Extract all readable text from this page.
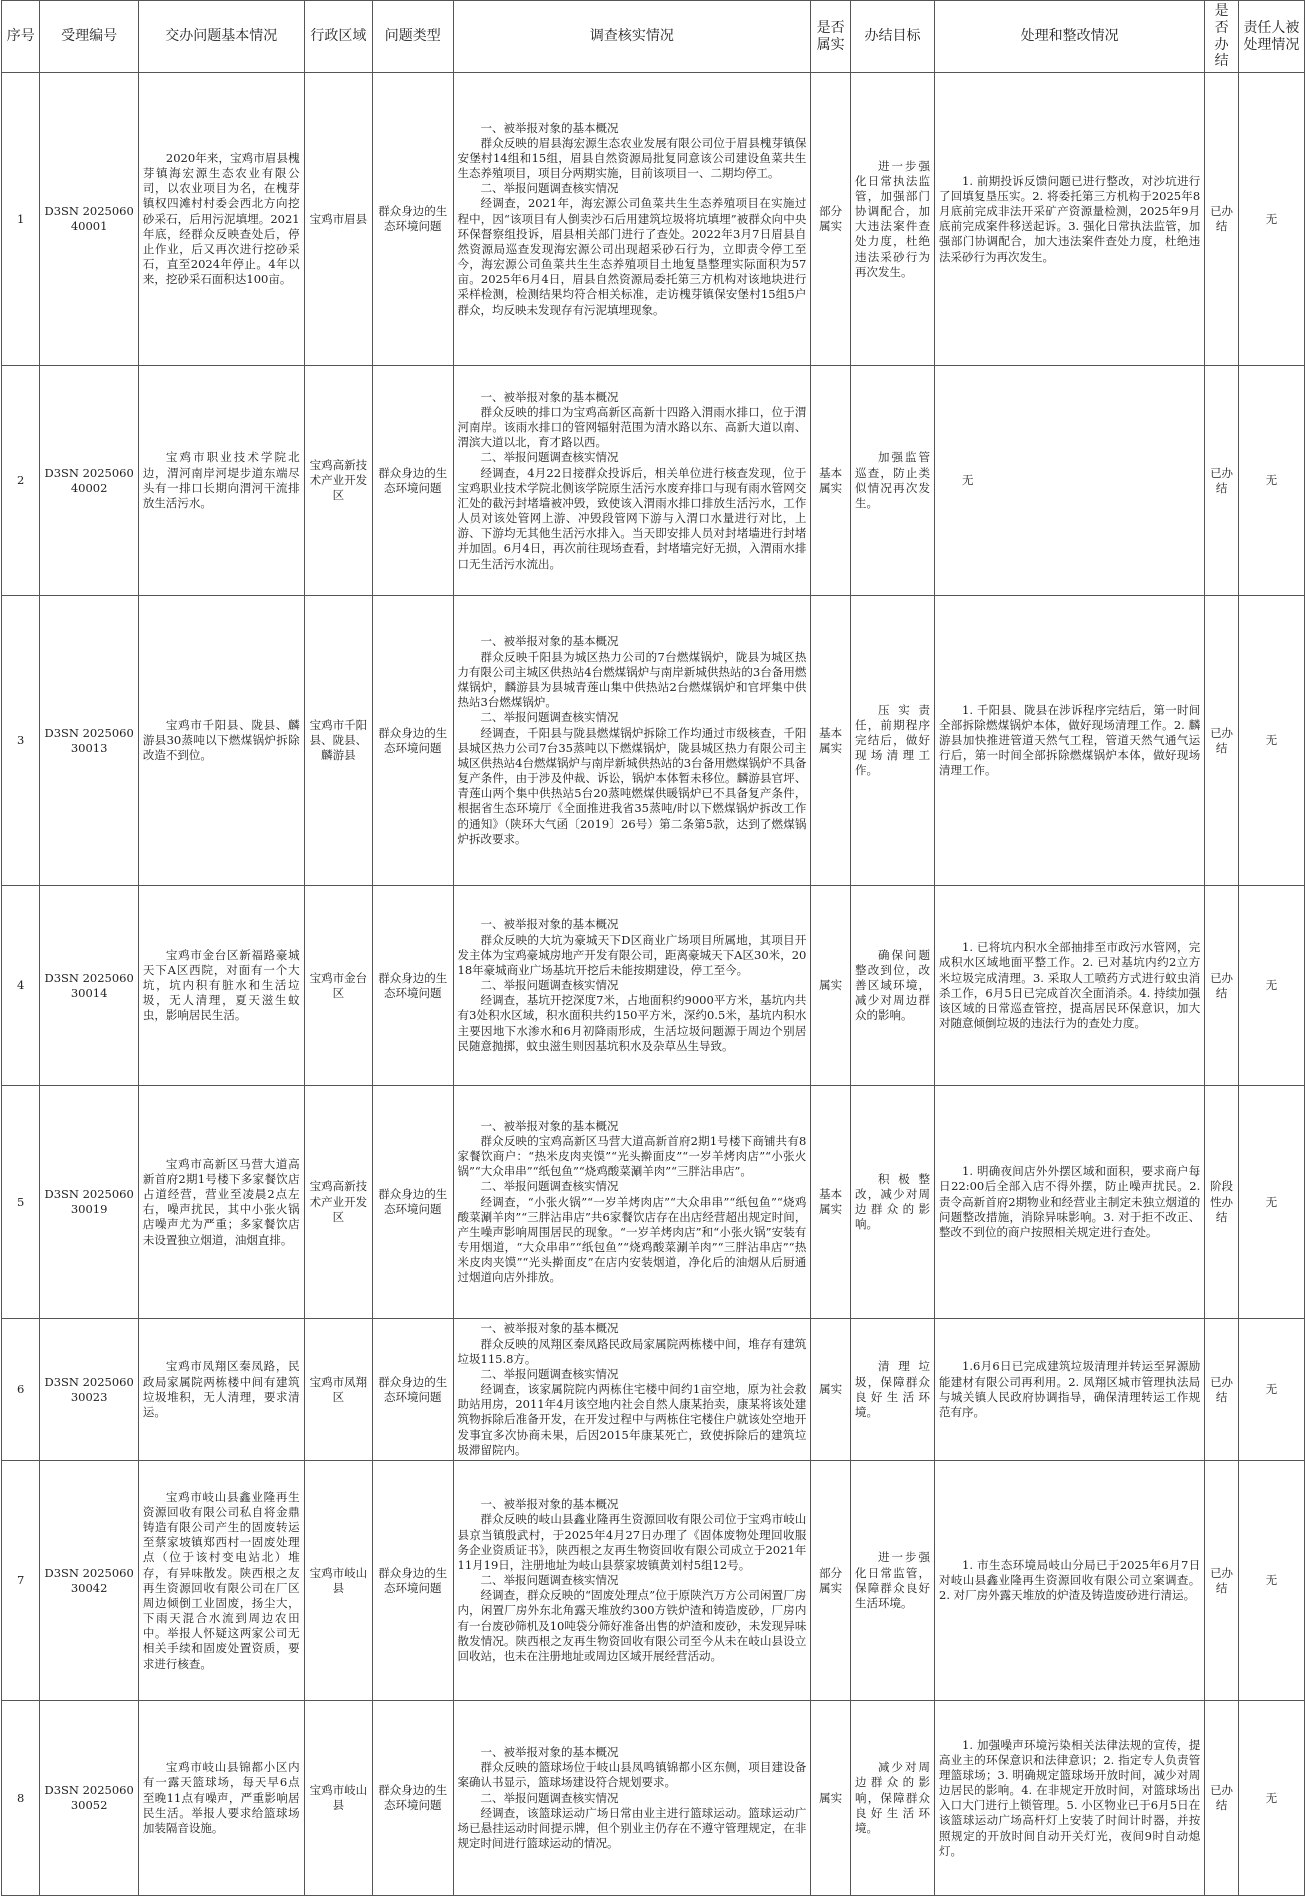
序号	受理编号	交办问题基本情况	行政区域	问题类型	调查核实情况	是否属实	办结目标	处理和整改情况	是否办结	责任人被处理情况
1	D3SN 202506040001	2020年来，宝鸡市眉县槐芽镇海宏源生态农业有限公司，以农业项目为名，在槐芽镇权四滩村村委会西北方向挖砂采石，后用污泥填埋。2021年底，经群众反映查处后，停止作业，后又再次进行挖砂采石，直至2024年停止。4年以来，挖砂采石面积达100亩。	宝鸡市眉县	群众身边的生态环境问题	一、被举报对象的基本概况

群众反映的眉县海宏源生态农业发展有限公司位于眉县槐芽镇保安堡村14组和15组，眉县自然资源局批复同意该公司建设鱼菜共生生态养殖项目，项目分两期实施，目前该项目一、二期均停工。

二、举报问题调查核实情况

经调查，2021年，海宏源公司鱼菜共生生态养殖项目在实施过程中，因“该项目有人倒卖沙石后用建筑垃圾将坑填埋”被群众向中央环保督察组投诉，眉县相关部门进行了查处。2022年3月7日眉县自然资源局巡查发现海宏源公司出现超采砂石行为，立即责令停工至今，海宏源公司鱼菜共生生态养殖项目土地复垦整理实际面积为57亩。2025年6月4日，眉县自然资源局委托第三方机构对该地块进行采样检测，检测结果均符合相关标准，走访槐芽镇保安堡村15组5户群众，均反映未发现存有污泥填埋现象。	部分属实	进一步强化日常执法监管，加强部门协调配合，加大违法案件查处力度，杜绝违法采砂行为再次发生。	1. 前期投诉反馈问题已进行整改，对沙坑进行了回填复垦压实。2. 将委托第三方机构于2025年8月底前完成非法开采矿产资源量检测，2025年9月底前完成案件移送起诉。3. 强化日常执法监管，加强部门协调配合，加大违法案件查处力度，杜绝违法采砂行为再次发生。	已办结	无
2	D3SN 202506040002	宝鸡市职业技术学院北边，渭河南岸河堤步道东端尽头有一排口长期向渭河干流排放生活污水。	宝鸡高新技术产业开发区	群众身边的生态环境问题	一、被举报对象的基本概况

群众反映的排口为宝鸡高新区高新十四路入渭雨水排口，位于渭河南岸。该雨水排口的管网辐射范围为清水路以东、高新大道以南、渭滨大道以北，育才路以西。

二、举报问题调查核实情况

经调查，4月22日接群众投诉后，相关单位进行核查发现，位于宝鸡职业技术学院北侧该学院原生活污水废弃排口与现有雨水管网交汇处的截污封堵墙被冲毁，致使该入渭雨水排口排放生活污水，工作人员对该处管网上游、冲毁段管网下游与入渭口水量进行对比，上游、下游均无其他生活污水排入。当天即安排人员对封堵墙进行封堵并加固。6月4日，再次前往现场查看，封堵墙完好无损，入渭雨水排口无生活污水流出。	基本属实	加强监管巡查，防止类似情况再次发生。	无	已办结	无
3	D3SN 202506030013	宝鸡市千阳县、陇县、麟游县30蒸吨以下燃煤锅炉拆除改造不到位。	宝鸡市千阳县、陇县、麟游县	群众身边的生态环境问题	一、被举报对象的基本概况

群众反映千阳县为城区热力公司的7台燃煤锅炉，陇县为城区热力有限公司主城区供热站4台燃煤锅炉与南岸新城供热站的3台备用燃煤锅炉，麟游县为县城青莲山集中供热站2台燃煤锅炉和官坪集中供热站3台燃煤锅炉。

二、举报问题调查核实情况

经调查，千阳县与陇县燃煤锅炉拆除工作均通过市级核查，千阳县城区热力公司7台35蒸吨以下燃煤锅炉，陇县城区热力有限公司主城区供热站4台燃煤锅炉与南岸新城供热站的3台备用燃煤锅炉不具备复产条件，由于涉及仲裁、诉讼，锅炉本体暂未移位。麟游县官坪、青莲山两个集中供热站5台20蒸吨燃煤供暖锅炉已不具备复产条件，根据省生态环境厅《全面推进我省35蒸吨/时以下燃煤锅炉拆改工作的通知》（陕环大气函〔2019〕26号）第二条第5款，达到了燃煤锅炉拆改要求。	基本属实	压实责任，前期程序完结后，做好现场清理工作。	1. 千阳县、陇县在涉诉程序完结后，第一时间全部拆除燃煤锅炉本体，做好现场清理工作。2. 麟游县加快推进管道天然气工程，管道天然气通气运行后，第一时间全部拆除燃煤锅炉本体，做好现场清理工作。	已办结	无
4	D3SN 202506030014	宝鸡市金台区新福路豪城天下A区西院，对面有一个大坑，坑内积有脏水和生活垃圾，无人清理，夏天滋生蚊虫，影响居民生活。	宝鸡市金台区	群众身边的生态环境问题	一、被举报对象的基本概况

群众反映的大坑为豪城天下D区商业广场项目所属地，其项目开发主体为宝鸡豪城房地产开发有限公司，距离豪城天下A区30米，2018年豪城商业广场基坑开挖后未能按期建设，停工至今。

二、举报问题调查核实情况

经调查，基坑开挖深度7米，占地面积约9000平方米，基坑内共有3处积水区域，积水面积共约150平方米，深约0.5米，基坑内积水主要因地下水渗水和6月初降雨形成，生活垃圾问题源于周边个别居民随意抛掷，蚊虫滋生则因基坑积水及杂草丛生导致。	属实	确保问题整改到位，改善区域环境，减少对周边群众的影响。	1. 已将坑内积水全部抽排至市政污水管网，完成积水区域地面平整工作。2. 已对基坑内约2立方米垃圾完成清理。3. 采取人工喷药方式进行蚊虫消杀工作，6月5日已完成首次全面消杀。4. 持续加强该区域的日常巡查管控，提高居民环保意识，加大对随意倾倒垃圾的违法行为的查处力度。	已办结	无
5	D3SN 202506030019	宝鸡市高新区马营大道高新首府2期1号楼下多家餐饮店占道经营，营业至凌晨2点左右，噪声扰民，其中小张火锅店噪声尤为严重；多家餐饮店未设置独立烟道，油烟直排。	宝鸡高新技术产业开发区	群众身边的生态环境问题	一、被举报对象的基本概况

群众反映的宝鸡高新区马营大道高新首府2期1号楼下商铺共有8家餐饮商户：“热米皮肉夹馍”“光头擀面皮”“一岁羊烤肉店”“小张火锅”“大众串串”“纸包鱼”“烧鸡酸菜涮羊肉”“三胖沾串店”。

二、举报问题调查核实情况

经调查，“小张火锅”“一岁羊烤肉店”“大众串串”“纸包鱼”“烧鸡酸菜涮羊肉”“三胖沾串店”共6家餐饮店存在出店经营超出规定时间，产生噪声影响周围居民的现象。“一岁羊烤肉店”和“小张火锅”安装有专用烟道，“大众串串”“纸包鱼”“烧鸡酸菜涮羊肉”“三胖沾串店”“热米皮肉夹馍”“光头擀面皮”在店内安装烟道，净化后的油烟从后厨通过烟道向店外排放。	基本属实	积极整改，减少对周边群众的影响。	1. 明确夜间店外外摆区域和面积，要求商户每日22:00后全部入店不得外摆，防止噪声扰民。2. 责令高新首府2期物业和经营业主制定未独立烟道的问题整改措施，消除异味影响。3. 对于拒不改正、整改不到位的商户按照相关规定进行查处。	阶段性办结	无
6	D3SN 202506030023	宝鸡市凤翔区秦凤路，民政局家属院两栋楼中间有建筑垃圾堆积，无人清理，要求清运。	宝鸡市凤翔区	群众身边的生态环境问题	一、被举报对象的基本概况

群众反映的凤翔区秦凤路民政局家属院两栋楼中间，堆存有建筑垃圾115.8方。

二、举报问题调查核实情况

经调查，该家属院院内两栋住宅楼中间约1亩空地，原为社会救助站用房，2011年4月该空地内社会自然人康某抬卖，康某将该处建筑物拆除后准备开发，在开发过程中与两栋住宅楼住户就该处空地开发事宜多次协商未果，后因2015年康某死亡，致使拆除后的建筑垃圾滞留院内。	属实	清理垃圾，保障群众良好生活环境。	1.6月6日已完成建筑垃圾清理并转运至昇源励能建材有限公司再利用。2. 凤翔区城市管理执法局与城关镇人民政府协调指导，确保清理转运工作规范有序。	已办结	无
7	D3SN 202506030042	宝鸡市岐山县鑫业隆再生资源回收有限公司私自将金鼎铸造有限公司产生的固废转运至蔡家坡镇郑西村一固废处理点（位于该村变电站北）堆存，有异味散发。陕西根之友再生资源回收有限公司在厂区周边倾倒工业固废，扬尘大，下雨天混合水流到周边农田中。举报人怀疑这两家公司无相关手续和固废处置资质，要求进行核查。	宝鸡市岐山县	群众身边的生态环境问题	一、被举报对象的基本概况

群众反映的岐山县鑫业隆再生资源回收有限公司位于宝鸡市岐山县京当镇殷武村，于2025年4月27日办理了《固体废物处理回收服务企业资质证书》，陕西根之友再生物资回收有限公司成立于2021年11月19日，注册地址为岐山县蔡家坡镇黄刘村5组12号。

二、举报问题调查核实情况

经调查，群众反映的“固废处理点”位于原陕汽万方公司闲置厂房内，闲置厂房外东北角露天堆放约300方铁炉渣和铸造废砂，厂房内有一台废砂筛机及10吨袋分筛好准备出售的炉渣和废砂，未发现异味散发情况。陕西根之友再生物资回收有限公司至今从未在岐山县设立回收站，也未在注册地址或周边区域开展经营活动。	部分属实	进一步强化日常监管，保障群众良好生活环境。	1. 市生态环境局岐山分局已于2025年6月7日对岐山县鑫业隆再生资源回收有限公司立案调查。2. 对厂房外露天堆放的炉渣及铸造废砂进行清运。	已办结	无
8	D3SN 202506030052	宝鸡市岐山县锦都小区内有一露天篮球场，每天早6点至晚11点有噪声，严重影响居民生活。举报人要求给篮球场加装隔音设施。	宝鸡市岐山县	群众身边的生态环境问题	一、被举报对象的基本概况

群众反映的篮球场位于岐山县凤鸣镇锦都小区东侧，项目建设备案确认书显示，篮球场建设符合规划要求。

二、举报问题调查核实情况

经调查，该篮球运动广场日常由业主进行篮球运动。篮球运动广场已悬挂运动时间提示牌，但个别业主仍存在不遵守管理规定，在非规定时间进行篮球运动的情况。	属实	减少对周边群众的影响，保障群众良好生活环境。	1. 加强噪声环境污染相关法律法规的宣传，提高业主的环保意识和法律意识；2. 指定专人负责管理篮球场；3. 明确规定篮球场开放时间，减少对周边居民的影响。4. 在非规定开放时间，对篮球场出入口大门进行上锁管理。5. 小区物业已于6月5日在该篮球运动广场高杆灯上安装了时间计时器，并按照规定的开放时间自动开关灯光，夜间9时自动熄灯。	已办结	无
